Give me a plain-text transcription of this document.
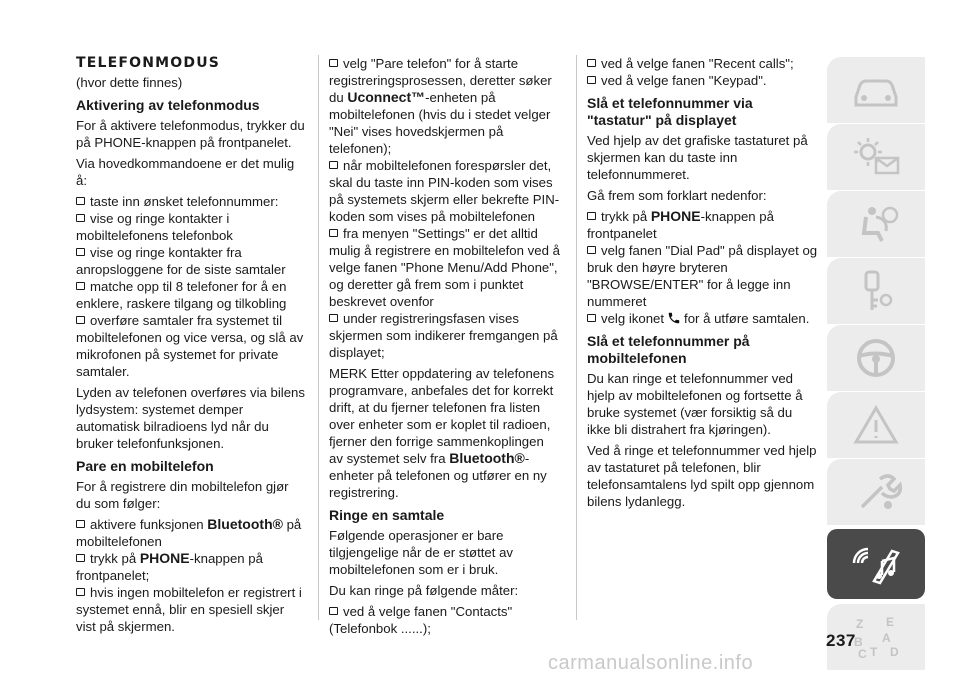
TELEFONMODUS

(hvor dette finnes)

Aktivering av telefonmodus

For å aktivere telefonmodus, trykker du på PHONE-knappen på frontpanelet.

Via hovedkommandoene er det mulig å:

taste inn ønsket telefonnummer:
vise og ringe kontakter i mobiltelefonens telefonbok
vise og ringe kontakter fra anropsloggene for de siste samtaler
matche opp til 8 telefoner for å en enklere, raskere tilgang og tilkobling
overføre samtaler fra systemet til mobiltelefonen og vice versa, og slå av mikrofonen på systemet for private samtaler.

Lyden av telefonen overføres via bilens lydsystem: systemet demper automatisk bilradioens lyd når du bruker telefonfunksjonen.

Pare en mobiltelefon

For å registrere din mobiltelefon gjør du som følger:

aktivere funksjonen Bluetooth® på mobiltelefonen
trykk på PHONE-knappen på frontpanelet;
hvis ingen mobiltelefon er registrert i systemet ennå, blir en spesiell skjer vist på skjermen.

velg "Pare telefon" for å starte registreringsprosessen, deretter søker du Uconnect™-enheten på mobiltelefonen (hvis du i stedet velger "Nei" vises hovedskjermen på telefonen);
når mobiltelefonen forespørsler det, skal du taste inn PIN-koden som vises på systemets skjerm eller bekrefte PIN-koden som vises på mobiltelefonen
fra menyen "Settings" er det alltid mulig å registrere en mobiltelefon ved å velge fanen "Phone Menu/Add Phone", og deretter gå frem som i punktet beskrevet ovenfor
under registreringsfasen vises skjermen som indikerer fremgangen på displayet;

MERK Etter oppdatering av telefonens programvare, anbefales det for korrekt drift, at du fjerner telefonen fra listen over enheter som er koplet til radioen, fjerner den forrige sammenkoplingen av systemet selv fra Bluetooth®-enheter på telefonen og utfører en ny registrering.

Ringe en samtale

Følgende operasjoner er bare tilgjengelige når de er støttet av mobiltelefonen som er i bruk.

Du kan ringe på følgende måter:

ved å velge fanen "Contacts" (Telefonbok ......);

ved å velge fanen "Recent calls";
ved å velge fanen "Keypad".

Slå et telefonnummer via "tastatur" på displayet

Ved hjelp av det grafiske tastaturet på skjermen kan du taste inn telefonnummeret.

Gå frem som forklart nedenfor:

trykk på PHONE-knappen på frontpanelet
velg fanen "Dial Pad" på displayet og bruk den høyre bryteren "BROWSE/ENTER" for å legge inn nummeret
velg ikonet for å utføre samtalen.

Slå et telefonnummer på mobiltelefonen

Du kan ringe et telefonnummer ved hjelp av mobiltelefonen og fortsette å bruke systemet (vær forsiktig så du ikke bli distrahert fra kjøringen).

Ved å ringe et telefonnummer ved hjelp av tastaturet på telefonen, blir telefonsamtalens lyd spilt opp gjennom bilens lydanlegg.

Z E
A
B
C T D
237
carmanualsonline.info
